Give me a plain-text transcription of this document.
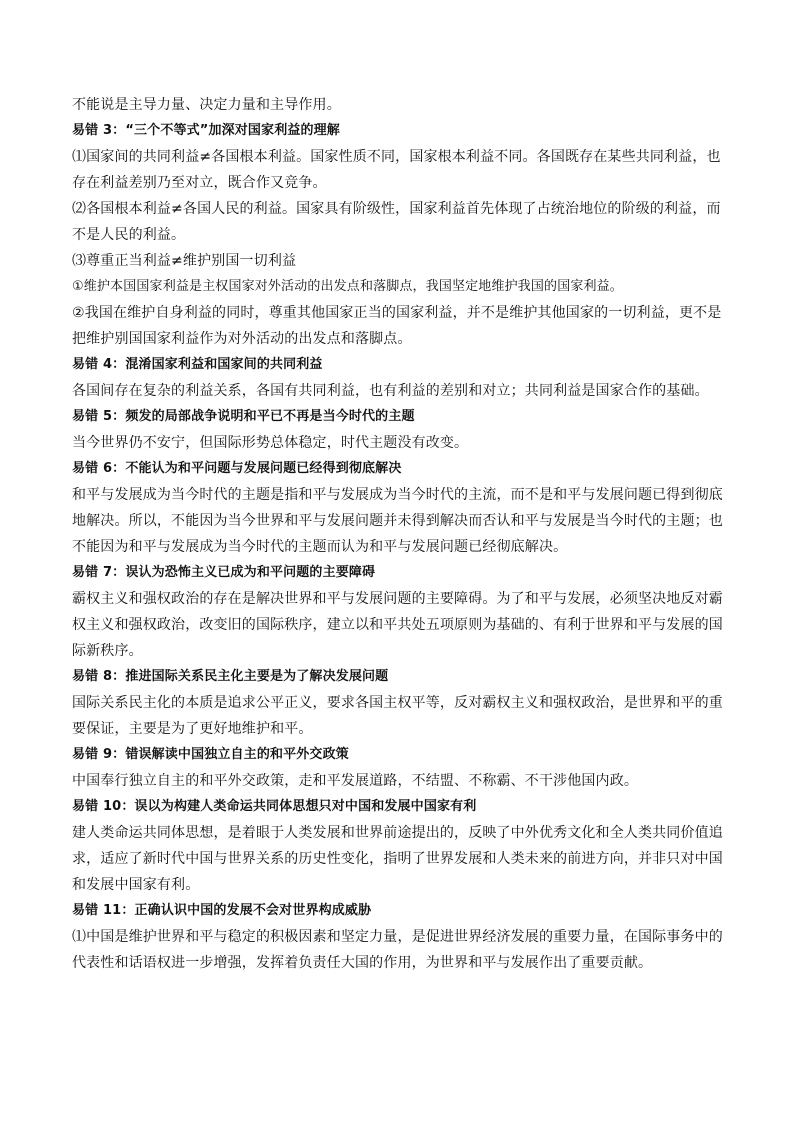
不能说是主导力量、决定力量和主导作用。

易错 3：“三个不等式”加深对国家利益的理解

⑴国家间的共同利益≠各国根本利益。国家性质不同，国家根本利益不同。各国既存在某些共同利益，也

存在利益差别乃至对立，既合作又竞争。

⑵各国根本利益≠各国人民的利益。国家具有阶级性，国家利益首先体现了占统治地位的阶级的利益，而

不是人民的利益。

⑶尊重正当利益≠维护别国一切利益

①维护本国国家利益是主权国家对外活动的出发点和落脚点，我国坚定地维护我国的国家利益。

②我国在维护自身利益的同时，尊重其他国家正当的国家利益，并不是维护其他国家的一切利益，更不是

把维护别国国家利益作为对外活动的出发点和落脚点。

易错 4：混淆国家利益和国家间的共同利益

各国间存在复杂的利益关系，各国有共同利益，也有利益的差别和对立；共同利益是国家合作的基础。

易错 5：频发的局部战争说明和平已不再是当今时代的主题

当今世界仍不安宁，但国际形势总体稳定，时代主题没有改变。

易错 6：不能认为和平问题与发展问题已经得到彻底解决

和平与发展成为当今时代的主题是指和平与发展成为当今时代的主流，而不是和平与发展问题已得到彻底

地解决。所以，不能因为当今世界和平与发展问题并未得到解决而否认和平与发展是当今时代的主题；也

不能因为和平与发展成为当今时代的主题而认为和平与发展问题已经彻底解决。

易错 7：误认为恐怖主义已成为和平问题的主要障碍

霸权主义和强权政治的存在是解决世界和平与发展问题的主要障碍。为了和平与发展，必须坚决地反对霸

权主义和强权政治，改变旧的国际秩序，建立以和平共处五项原则为基础的、有利于世界和平与发展的国

际新秩序。

易错 8：推进国际关系民主化主要是为了解决发展问题

国际关系民主化的本质是追求公平正义，要求各国主权平等，反对霸权主义和强权政治，是世界和平的重

要保证，主要是为了更好地维护和平。

易错 9：错误解读中国独立自主的和平外交政策

中国奉行独立自主的和平外交政策，走和平发展道路，不结盟、不称霸、不干涉他国内政。

易错 10：误以为构建人类命运共同体思想只对中国和发展中国家有利

建人类命运共同体思想，是着眼于人类发展和世界前途提出的，反映了中外优秀文化和全人类共同价值追

求，适应了新时代中国与世界关系的历史性变化，指明了世界发展和人类未来的前进方向，并非只对中国

和发展中国家有利。

易错 11：正确认识中国的发展不会对世界构成威胁

⑴中国是维护世界和平与稳定的积极因素和坚定力量，是促进世界经济发展的重要力量，在国际事务中的

代表性和话语权进一步增强，发挥着负责任大国的作用，为世界和平与发展作出了重要贡献。
